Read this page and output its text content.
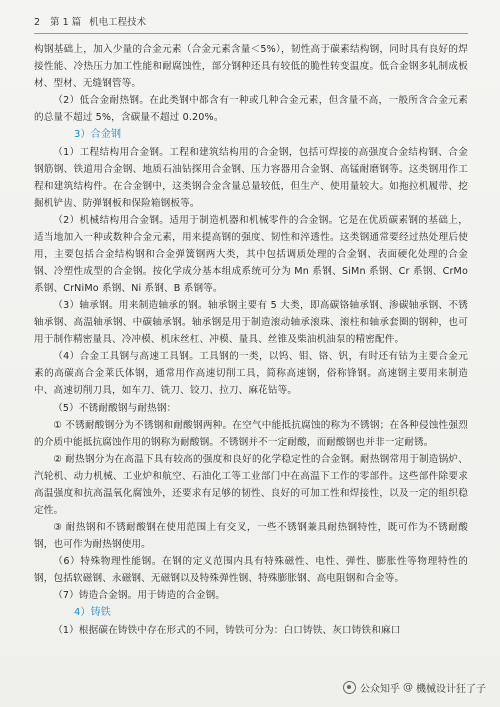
2 第 1 篇 机电工程技术

构钢基础上，加入少量的合金元素（合金元素含量＜5%），韧性高于碳素结构钢，同时具有良好的焊接性能、冷热压力加工性能和耐腐蚀性，部分钢种还具有较低的脆性转变温度。低合金钢多轧制成板材、型材、无缝钢管等。

（2）低合金耐热钢。在此类钢中都含有一种或几种合金元素，但含量不高，一般所含合金元素的总量不超过 5%，含碳量不超过 0.20%。

3）合金钢

（1）工程结构用合金钢。工程和建筑结构用的合金钢，包括可焊接的高强度合金结构钢、合金钢筋钢、铁道用合金钢、地质石油钻探用合金钢、压力容器用合金钢、高锰耐磨钢等。这类钢用作工程和建筑结构件。在合金钢中，这类钢合金含量总量较低，但生产、使用量较大。如拖拉机履带、挖掘机铲齿、防弹钢板和保险箱钢板等。

（2）机械结构用合金钢。适用于制造机器和机械零件的合金钢。它是在优质碳素钢的基础上，适当地加入一种或数种合金元素，用来提高钢的强度、韧性和淬透性。这类钢通常要经过热处理后使用，主要包括合金结构钢和合金弹簧钢两大类，其中包括调质处理的合金钢、表面硬化处理的合金钢、冷塑性成型的合金钢。按化学成分基本组成系统可分为 Mn 系钢、SiMn 系钢、Cr 系钢、CrMo 系钢、CrNiMo 系钢、Ni 系钢、B 系钢等。

（3）轴承钢。用来制造轴承的钢。轴承钢主要有 5 大类，即高碳铬轴承钢、渗碳轴承钢、不锈轴承钢、高温轴承钢、中碳轴承钢。轴承钢是用于制造滚动轴承滚珠、滚柱和轴承套圈的钢种，也可用于制作精密量具、冷冲模、机床丝杠、冲模、量具、丝锥及柴油机油泵的精密配件。

（4）合金工具钢与高速工具钢。工具钢的一类，以钨、钼、铬、钒，有时还有钴为主要合金元素的高碳高合金莱氏体钢，通常用作高速切削工具，简称高速钢，俗称锋钢。高速钢主要用来制造中、高速切削刀具，如车刀、铣刀、铰刀、拉刀、麻花钻等。

（5）不锈耐酸钢与耐热钢：

① 不锈耐酸钢分为不锈钢和耐酸钢两种。在空气中能抵抗腐蚀的称为不锈钢；在各种侵蚀性强烈的介质中能抵抗腐蚀作用的钢称为耐酸钢。不锈钢并不一定耐酸，而耐酸钢也并非一定耐锈。

② 耐热钢分为在高温下具有较高的强度和良好的化学稳定性的合金钢。耐热钢常用于制造锅炉、汽轮机、动力机械、工业炉和航空、石油化工等工业部门中在高温下工作的零部件。这些部件除要求高温强度和抗高温氧化腐蚀外，还要求有足够的韧性、良好的可加工性和焊接性，以及一定的组织稳定性。

③ 耐热钢和不锈耐酸钢在使用范围上有交叉，一些不锈钢兼具耐热钢特性，既可作为不锈耐酸钢，也可作为耐热钢使用。

（6）特殊物理性能钢。在钢的定义范围内具有特殊磁性、电性、弹性、膨胀性等物理特性的钢，包括软磁钢、永磁钢、无磁钢以及特殊弹性钢、特殊膨胀钢、高电阻钢和合金等。

（7）铸造合金钢。用于铸造的合金钢。

4）铸铁

（1）根据碳在铸铁中存在形式的不同，铸铁可分为：白口铸铁、灰口铸铁和麻口

公众知乎 @ 機械设计狂了子
